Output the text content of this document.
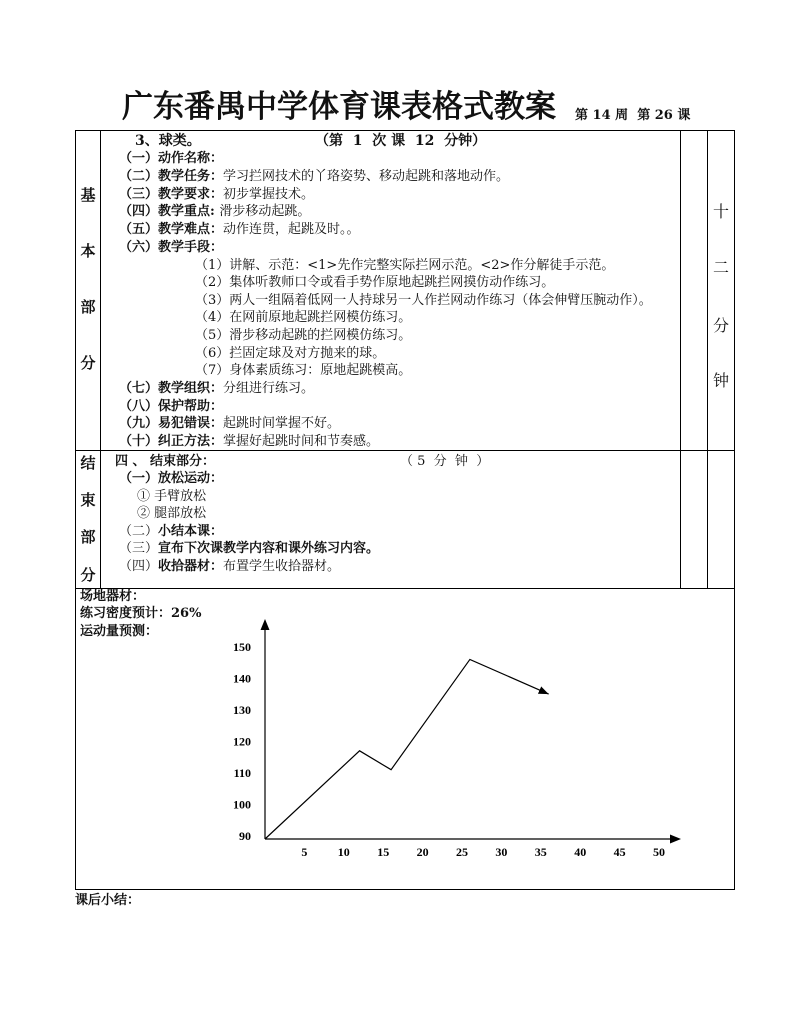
广东番禺中学体育课表格式教案 第 14 周  第 26 课
基
本
部
分
十
二
分
钟
3、球类。	（第  1  次 课  12  分钟）
（一）动作名称：
（二）教学任务：学习拦网技术的丫珞姿势、移动起跳和落地动作。
（三）教学要求：初步掌握技术。
（四）教学重点: 滑步移动起跳。
（五）教学难点：动作连贯，起跳及时。。
（六）教学手段：
（1）讲解、示范：<1>先作完整实际拦网示范。<2>作分解徒手示范。
（2）集体听教师口令或看手势作原地起跳拦网摸仿动作练习。
（3）两人一组隔着低网一人持球另一人作拦网动作练习（体会伸臂压腕动作）。
（4）在网前原地起跳拦网模仿练习。
（5）滑步移动起跳的拦网模仿练习。
（6）拦固定球及对方抛来的球。
（7）身体素质练习：原地起跳模高。
（七）教学组织：分组进行练习。
（八）保护帮助：
（九）易犯错误：起跳时间掌握不好。
（十）纠正方法：掌握好起跳时间和节奏感。
结
束
部
分
四 、 结束部分：	（ 5  分  钟  ）
（一）放松运动：
① 手臂放松
② 腿部放松
（二）小结本课：
（三）宣布下次课教学内容和课外练习内容。
（四）收拾器材：布置学生收拾器材。
场地器材：
练习密度预计：26%
运动量预测：
90
100
110
120
130
140
150
5	10 15 20 25 30 35 40 45 50
课后小结：
